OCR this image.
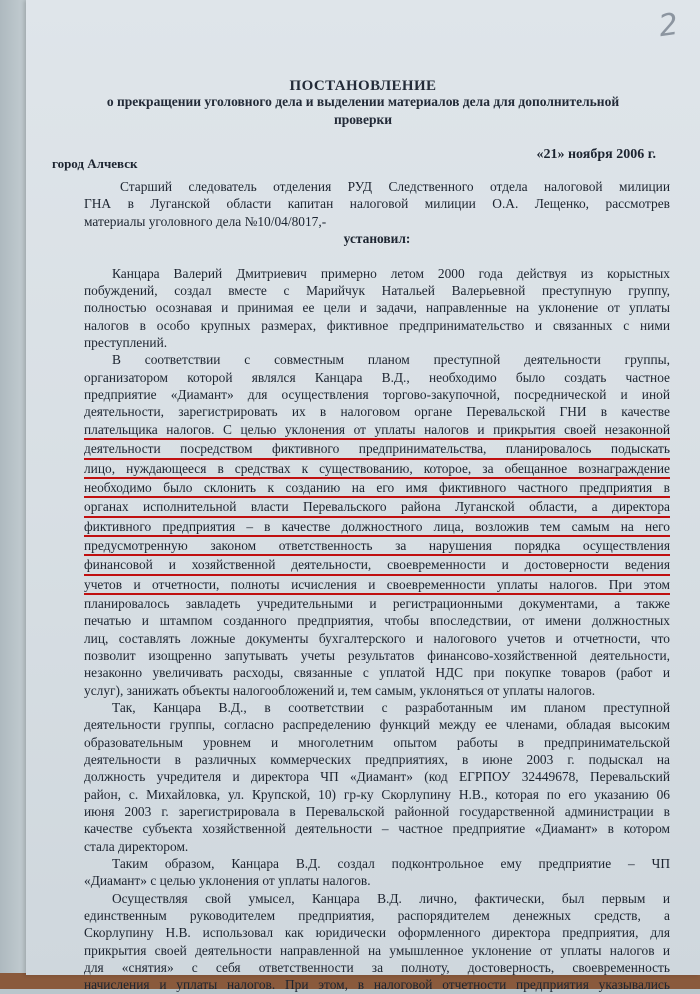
2
ПОСТАНОВЛЕНИЕ
о прекращении уголовного дела и выделении материалов дела для дополнительной
проверки
город Алчевск
«21» ноября 2006 г.
Старший следователь отделения РУД Следственного отдела налоговой милиции
ГНА в Луганской области капитан налоговой милиции О.А. Лещенко, рассмотрев
материалы уголовного дела №10/04/8017,-
установил:
Канцара Валерий Дмитриевич примерно летом 2000 года действуя из корыстных
побуждений, создал вместе с Марийчук Натальей Валерьевной преступную группу,
полностью осознавая и принимая ее цели и задачи, направленные на уклонение от уплаты
налогов в особо крупных размерах, фиктивное предпринимательство и связанных с ними
преступлений.
В соответствии с совместным планом преступной деятельности группы,
организатором которой являлся Канцара В.Д., необходимо было создать частное
предприятие «Диамант» для осуществления торгово-закупочной, посреднической и иной
деятельности, зарегистрировать их в налоговом органе Перевальской ГНИ в качестве
плательщика налогов. С целью уклонения от уплаты налогов и прикрытия своей незаконной
деятельности посредством фиктивного предпринимательства, планировалось подыскать
лицо, нуждающееся в средствах к существованию, которое, за обещанное вознаграждение
необходимо было склонить к созданию на его имя фиктивного частного предприятия в
органах исполнительной власти Перевальского района Луганской области, а директора
фиктивного предприятия – в качестве должностного лица, возложив тем самым на него
предусмотренную законом ответственность за нарушения порядка осуществления
финансовой и хозяйственной деятельности, своевременности и достоверности ведения
учетов и отчетности, полноты исчисления и своевременности уплаты налогов. При этом
планировалось завладеть учредительными и регистрационными документами, а также
печатью и штампом созданного предприятия, чтобы впоследствии, от имени должностных
лиц, составлять ложные документы бухгалтерского и налогового учетов и отчетности, что
позволит изощренно запутывать учеты результатов финансово-хозяйственной деятельности,
незаконно увеличивать расходы, связанные с уплатой НДС при покупке товаров (работ и
услуг), занижать объекты налогообложений и, тем самым, уклоняться от уплаты налогов.
Так, Канцара В.Д., в соответствии с разработанным им планом преступной
деятельности группы, согласно распределению функций между ее членами, обладая высоким
образовательным уровнем и многолетним опытом работы в предпринимательской
деятельности в различных коммерческих предприятиях, в июне 2003 г. подыскал на
должность учредителя и директора ЧП «Диамант» (код ЕГРПОУ 32449678, Перевальский
район, с. Михайловка, ул. Крупской, 10) гр-ку Скорлупину Н.В., которая по его указанию 06
июня 2003 г. зарегистрировала в Перевальской районной государственной администрации в
качестве субъекта хозяйственной деятельности – частное предприятие «Диамант» в котором
стала директором.
Таким образом, Канцара В.Д. создал подконтрольное ему предприятие – ЧП
«Диамант» с целью уклонения от уплаты налогов.
Осуществляя свой умысел, Канцара В.Д. лично, фактически, был первым и
единственным руководителем предприятия, распорядителем денежных средств, а
Скорлупину Н.В. использовал как юридически оформленного директора предприятия, для
прикрытия своей деятельности направленной на умышленное уклонение от уплаты налогов и
для «снятия» с себя ответственности за полноту, достоверность, своевременность
начисления и уплаты налогов. При этом, в налоговой отчетности предприятия указывались
